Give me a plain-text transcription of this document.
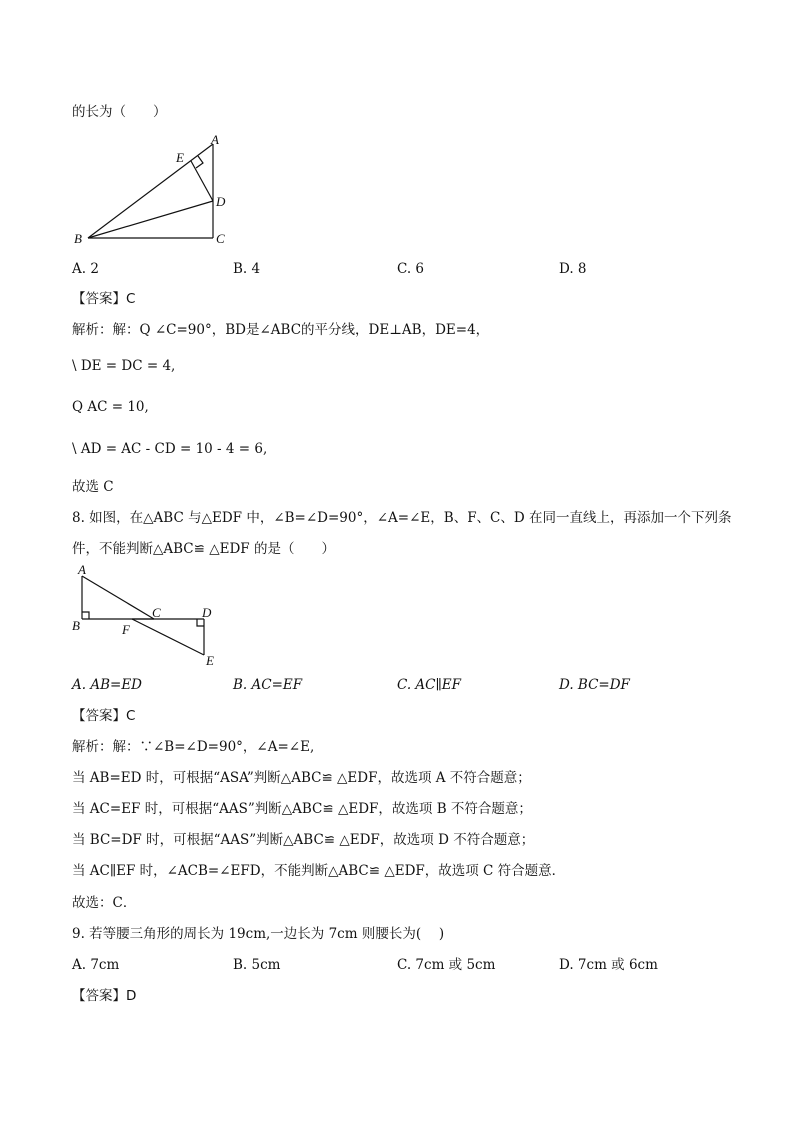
的长为（　　）
A
E
D
B	C
A. 2	B. 4	C. 6	D. 8
【答案】C
解析：解：Q ∠C=90°，BD是∠ABC的平分线，DE⊥AB，DE=4，
\ DE = DC = 4,
Q AC = 10,
\ AD = AC - CD = 10 - 4 = 6,
故选 C
8. 如图，在△ABC 与△EDF 中，∠B=∠D=90°，∠A=∠E，B、F、C、D 在同一直线上，再添加一个下列条
件，不能判断△ABC≌ △EDF 的是（　　）
A
C	D
B	F
E
A. AB=ED	B. AC=EF	C. AC∥EF	D. BC=DF
【答案】C
解析：解：∵∠B=∠D=90°，∠A=∠E,
当 AB=ED 时，可根据“ASA”判断△ABC≌ △EDF，故选项 A 不符合题意；
当 AC=EF 时，可根据“AAS”判断△ABC≌ △EDF，故选项 B 不符合题意；
当 BC=DF 时，可根据“AAS”判断△ABC≌ △EDF，故选项 D 不符合题意；
当 AC∥EF 时，∠ACB=∠EFD，不能判断△ABC≌ △EDF，故选项 C 符合题意．
故选：C．
9. 若等腰三角形的周长为 19cm,一边长为 7cm 则腰长为(　 )
A. 7cm	B. 5cm	C. 7cm 或 5cm	D. 7cm 或 6cm
【答案】D
